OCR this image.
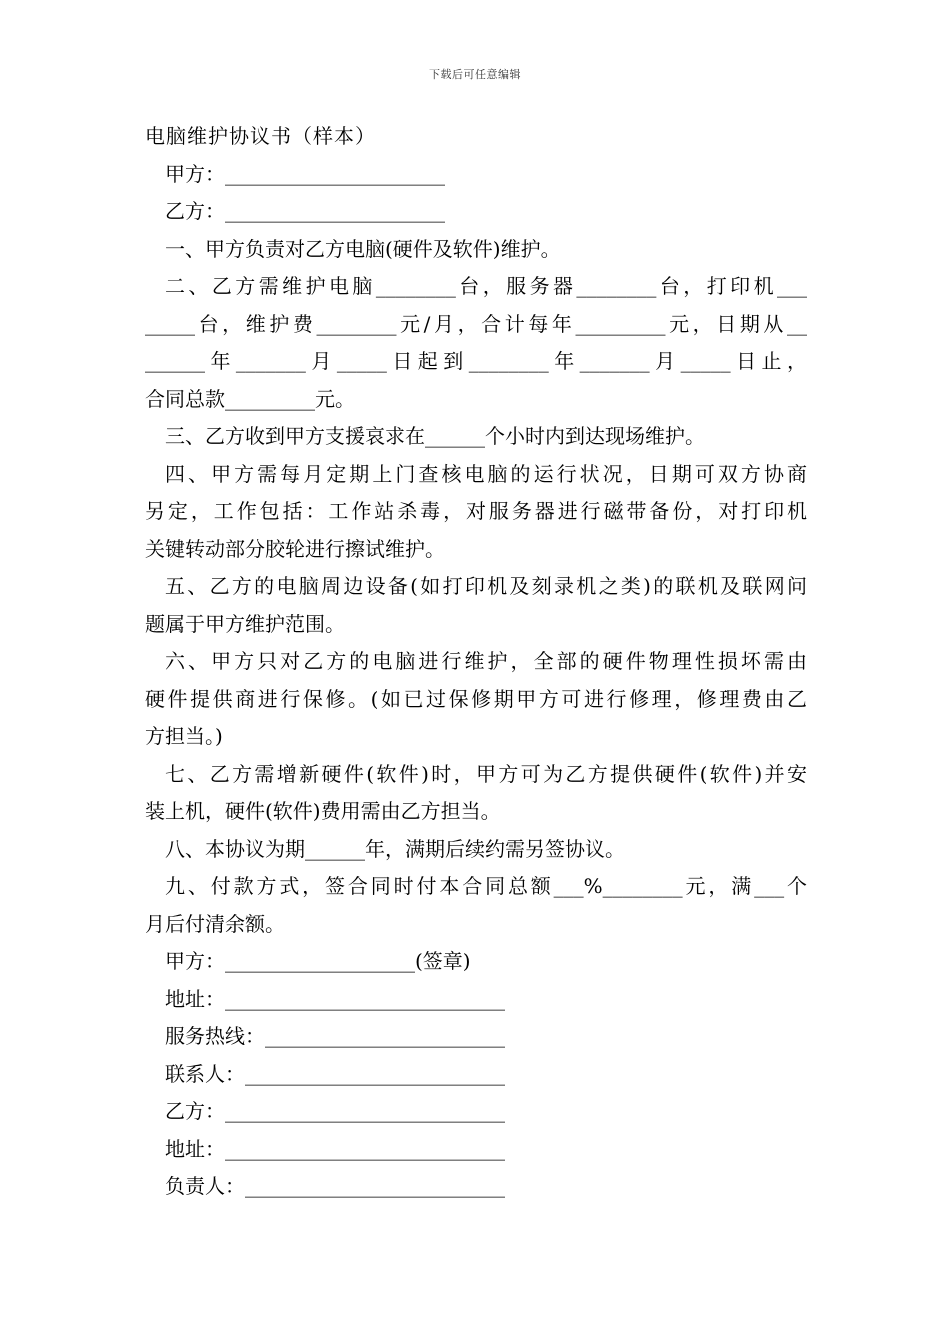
下载后可任意编辑
电脑维护协议书（样本）
甲方：______________________
乙方：______________________
一、甲方负责对乙方电脑(硬件及软件)维护。
二、乙方需维护电脑________台，服务器________台，打印机___
_____台，维护费________元/月，合计每年_________元，日期从__
______年_______月_____日起到________年_______月_____日止，
合同总款_________元。
三、乙方收到甲方支援哀求在______个小时内到达现场维护。
四、甲方需每月定期上门查核电脑的运行状况，日期可双方协商
另定，工作包括：工作站杀毒，对服务器进行磁带备份，对打印机
关键转动部分胶轮进行擦试维护。
五、乙方的电脑周边设备(如打印机及刻录机之类)的联机及联网问
题属于甲方维护范围。
六、甲方只对乙方的电脑进行维护，全部的硬件物理性损坏需由
硬件提供商进行保修。(如已过保修期甲方可进行修理，修理费由乙
方担当。)
七、乙方需增新硬件(软件)时，甲方可为乙方提供硬件(软件)并安
装上机，硬件(软件)费用需由乙方担当。
八、本协议为期______年，满期后续约需另签协议。
九、付款方式，签合同时付本合同总额___%________元，满___个
月后付清余额。
甲方：___________________(签章)
地址：____________________________
服务热线：________________________
联系人：__________________________
乙方：____________________________
地址：____________________________
负责人：__________________________
